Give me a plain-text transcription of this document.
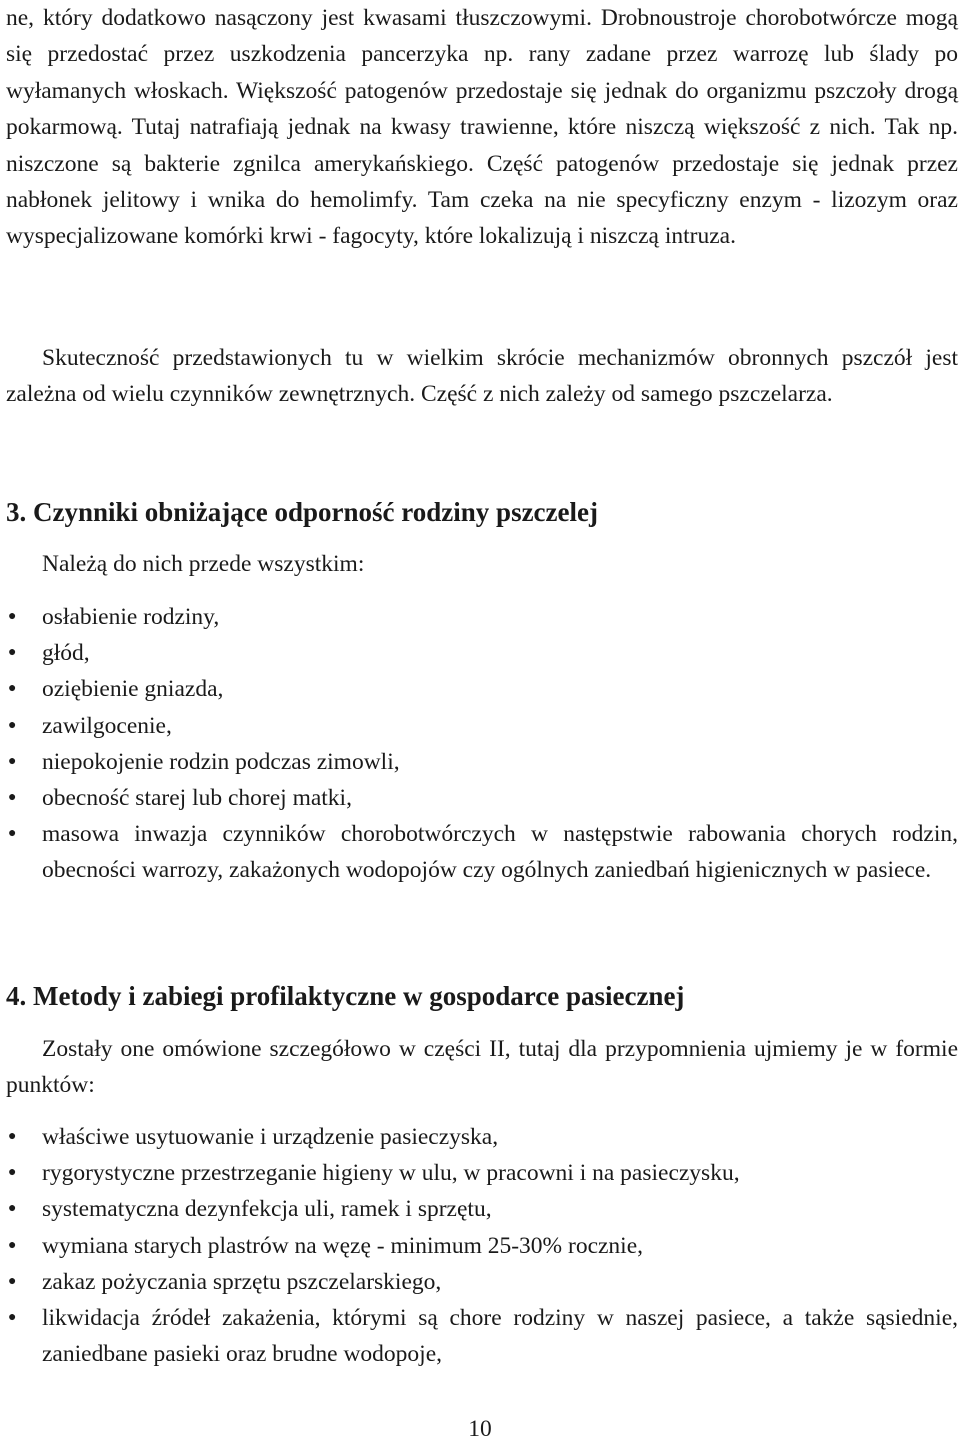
ne, który dodatkowo nasączony jest kwasami tłuszczowymi. Drobnoustroje chorobotwórcze mogą się przedostać przez uszkodzenia pancerzyka np. rany zadane przez warrozę lub ślady po wyłamanych włoskach. Większość patogenów przedostaje się jednak do organizmu pszczoły drogą pokarmową. Tutaj natrafiają jednak na kwasy trawienne, które niszczą większość z nich. Tak np. niszczone są bakterie zgnilca amerykańskiego. Część patogenów przedostaje się jednak przez nabłonek jelitowy i wnika do hemolimfy. Tam czeka na nie specyficzny enzym - lizozym oraz wyspecjalizowane komórki krwi - fagocyty, które lokalizują i niszczą intruza.

Skuteczność przedstawionych tu w wielkim skrócie mechanizmów obronnych pszczół jest zależna od wielu czynników zewnętrznych. Część z nich zależy od samego pszczelarza.

3. Czynniki obniżające odporność rodziny pszczelej

Należą do nich przede wszystkim:

● osłabienie rodziny,
● głód,
● oziębienie gniazda,
● zawilgocenie,
● niepokojenie rodzin podczas zimowli,
● obecność starej lub chorej matki,
● masowa inwazja czynników chorobotwórczych w następstwie rabowania chorych rodzin, obecności warrozy, zakażonych wodopojów czy ogólnych zaniedbań higienicznych w pasiece.
4. Metody i zabiegi profilaktyczne w gospodarce pasiecznej

Zostały one omówione szczegółowo w części II, tutaj dla przypomnienia ujmiemy je w formie punktów:

● właściwe usytuowanie i urządzenie pasieczyska,
● rygorystyczne przestrzeganie higieny w ulu, w pracowni i na pasieczysku,
● systematyczna dezynfekcja uli, ramek i sprzętu,
● wymiana starych plastrów na węzę - minimum 25-30% rocznie,
● zakaz pożyczania sprzętu pszczelarskiego,
● likwidacja źródeł zakażenia, którymi są chore rodziny w naszej pasiece, a także sąsiednie, zaniedbane pasieki oraz brudne wodopoje,
10
